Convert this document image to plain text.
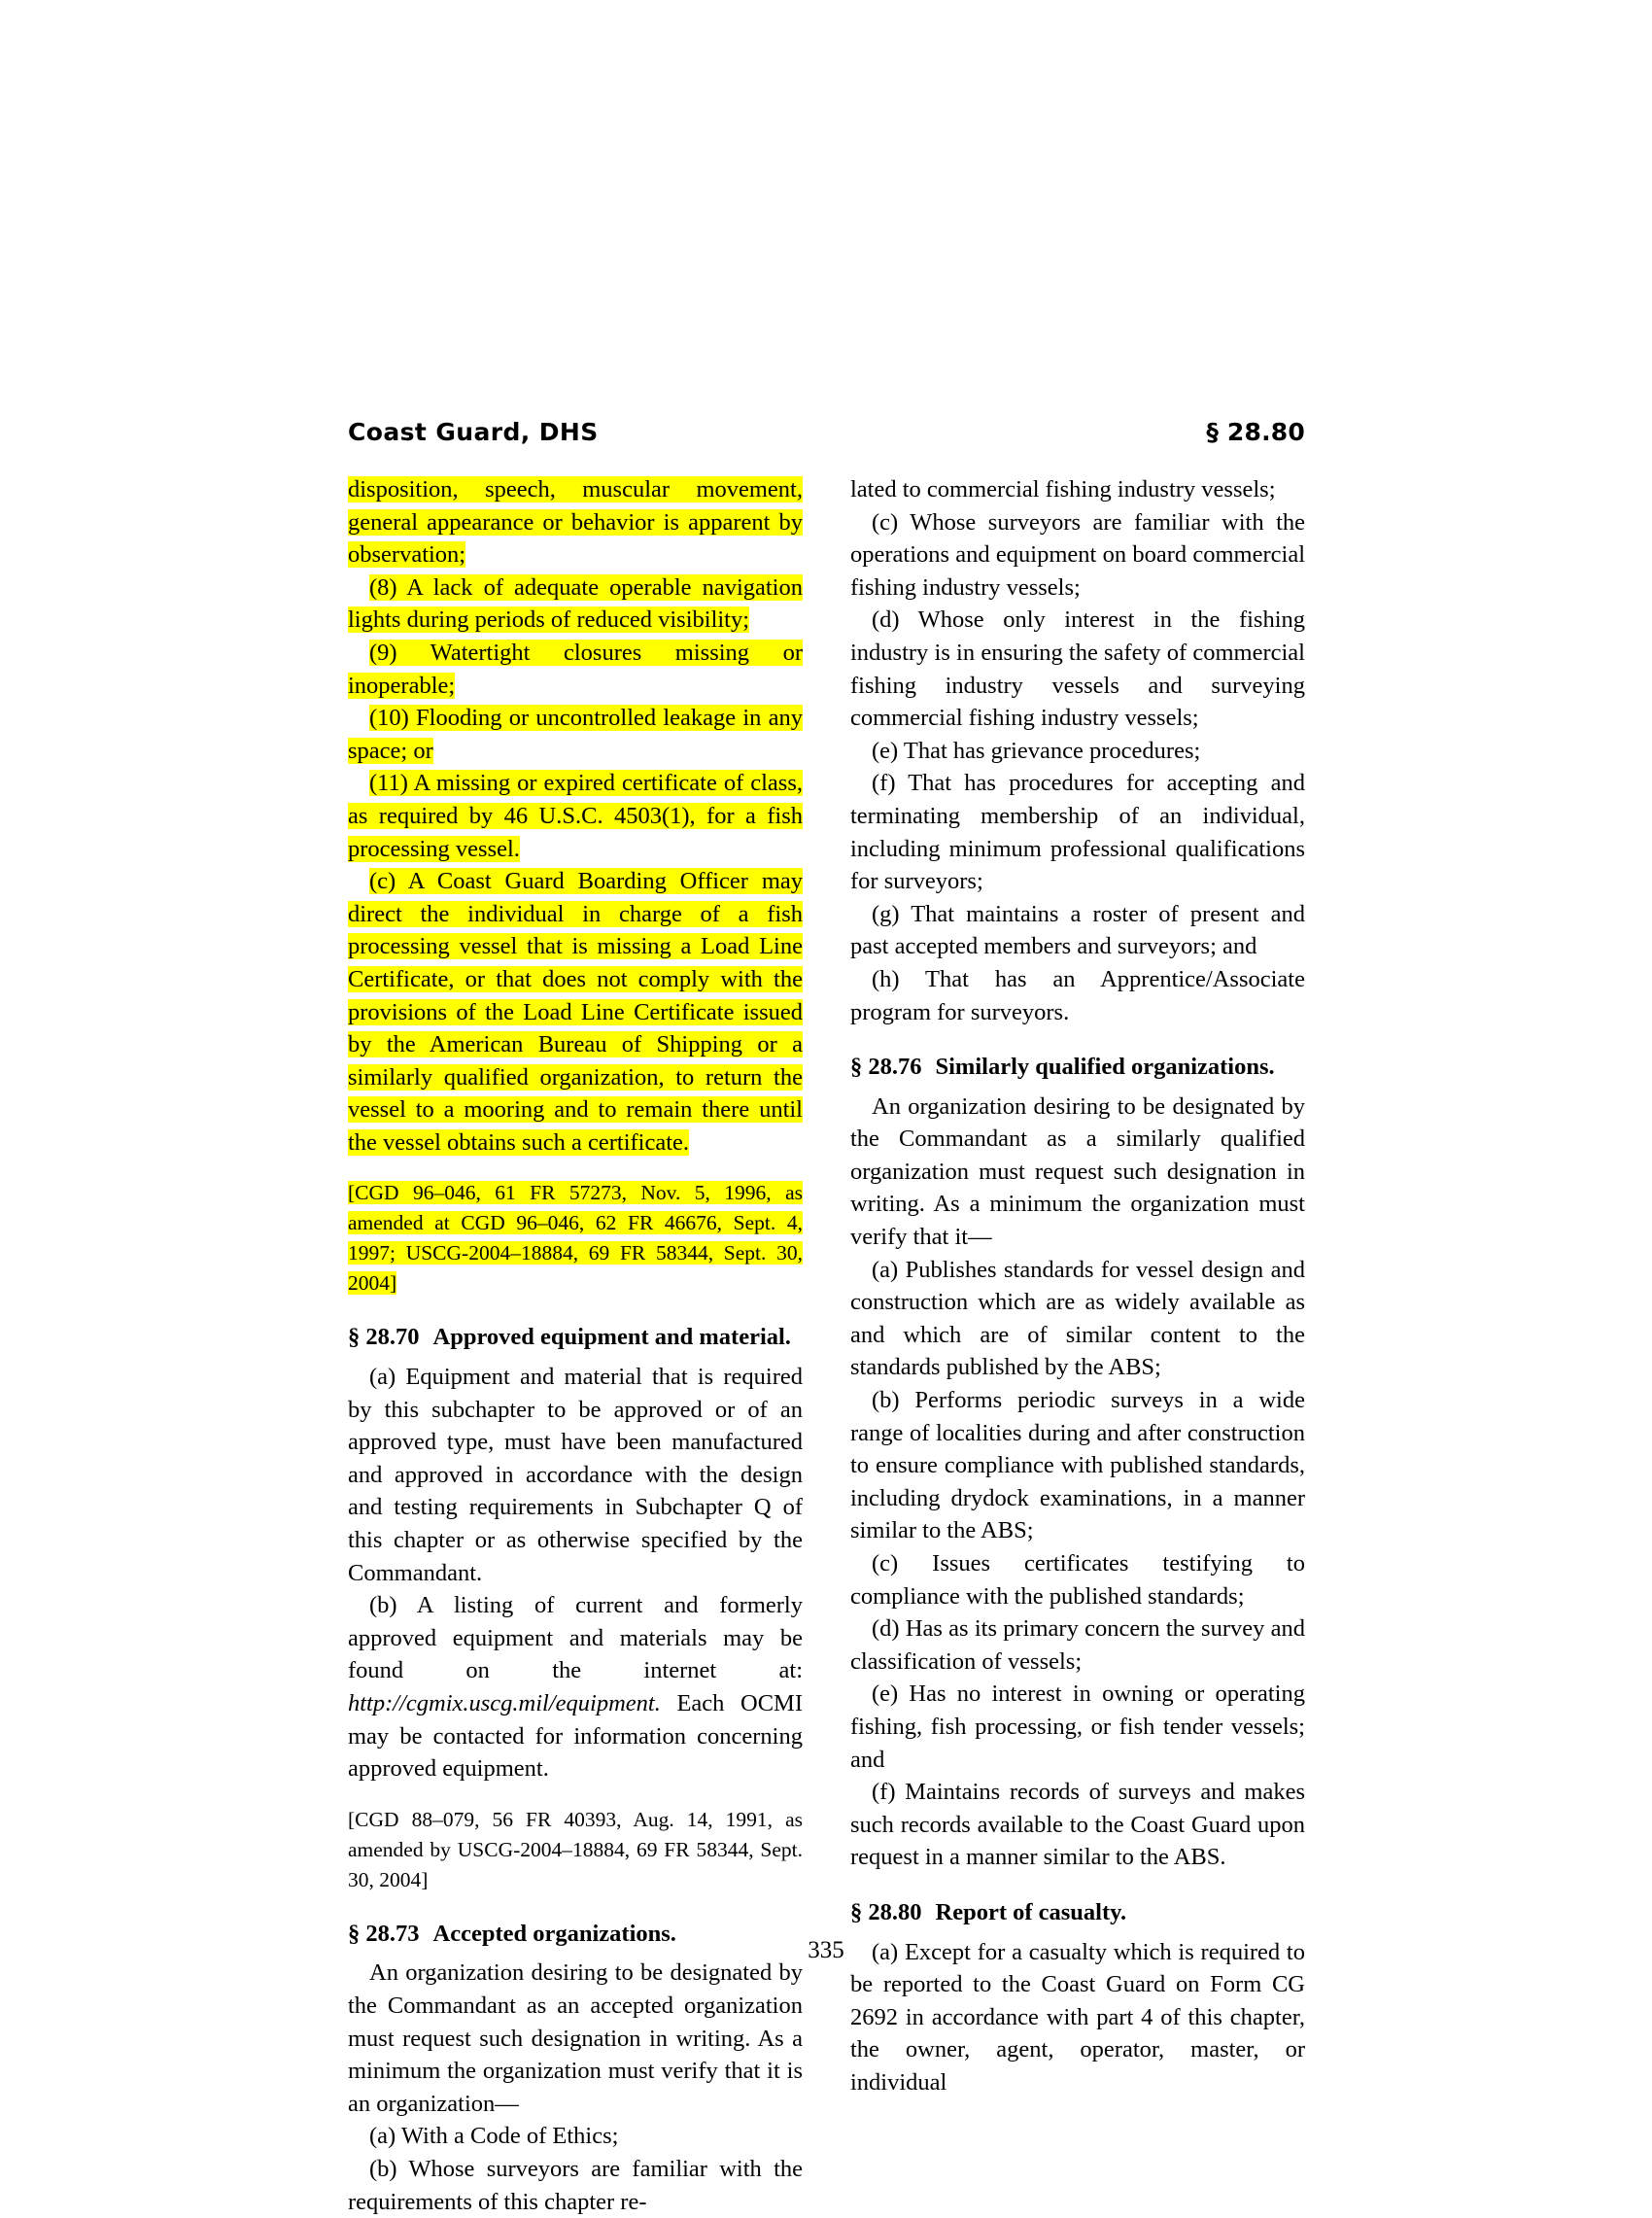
Coast Guard, DHS	§ 28.80

disposition, speech, muscular movement, general appearance or behavior is apparent by observation;

(8) A lack of adequate operable navigation lights during periods of reduced visibility;

(9) Watertight closures missing or inoperable;

(10) Flooding or uncontrolled leakage in any space; or

(11) A missing or expired certificate of class, as required by 46 U.S.C. 4503(1), for a fish processing vessel.

(c) A Coast Guard Boarding Officer may direct the individual in charge of a fish processing vessel that is missing a Load Line Certificate, or that does not comply with the provisions of the Load Line Certificate issued by the American Bureau of Shipping or a similarly qualified organization, to return the vessel to a mooring and to remain there until the vessel obtains such a certificate.

[CGD 96–046, 61 FR 57273, Nov. 5, 1996, as amended at CGD 96–046, 62 FR 46676, Sept. 4, 1997; USCG-2004–18884, 69 FR 58344, Sept. 30, 2004]

§ 28.70 Approved equipment and material.

(a) Equipment and material that is required by this subchapter to be approved or of an approved type, must have been manufactured and approved in accordance with the design and testing requirements in Subchapter Q of this chapter or as otherwise specified by the Commandant.

(b) A listing of current and formerly approved equipment and materials may be found on the internet at: http://cgmix.uscg.mil/equipment. Each OCMI may be contacted for information concerning approved equipment.

[CGD 88–079, 56 FR 40393, Aug. 14, 1991, as amended by USCG-2004–18884, 69 FR 58344, Sept. 30, 2004]

§ 28.73 Accepted organizations.

An organization desiring to be designated by the Commandant as an accepted organization must request such designation in writing. As a minimum the organization must verify that it is an organization—

(a) With a Code of Ethics;

(b) Whose surveyors are familiar with the requirements of this chapter re-

lated to commercial fishing industry vessels;

(c) Whose surveyors are familiar with the operations and equipment on board commercial fishing industry vessels;

(d) Whose only interest in the fishing industry is in ensuring the safety of commercial fishing industry vessels and surveying commercial fishing industry vessels;

(e) That has grievance procedures;

(f) That has procedures for accepting and terminating membership of an individual, including minimum professional qualifications for surveyors;

(g) That maintains a roster of present and past accepted members and surveyors; and

(h) That has an Apprentice/Associate program for surveyors.

§ 28.76 Similarly qualified organizations.

An organization desiring to be designated by the Commandant as a similarly qualified organization must request such designation in writing. As a minimum the organization must verify that it—

(a) Publishes standards for vessel design and construction which are as widely available as and which are of similar content to the standards published by the ABS;

(b) Performs periodic surveys in a wide range of localities during and after construction to ensure compliance with published standards, including drydock examinations, in a manner similar to the ABS;

(c) Issues certificates testifying to compliance with the published standards;

(d) Has as its primary concern the survey and classification of vessels;

(e) Has no interest in owning or operating fishing, fish processing, or fish tender vessels; and

(f) Maintains records of surveys and makes such records available to the Coast Guard upon request in a manner similar to the ABS.

§ 28.80 Report of casualty.

(a) Except for a casualty which is required to be reported to the Coast Guard on Form CG 2692 in accordance with part 4 of this chapter, the owner, agent, operator, master, or individual

335
